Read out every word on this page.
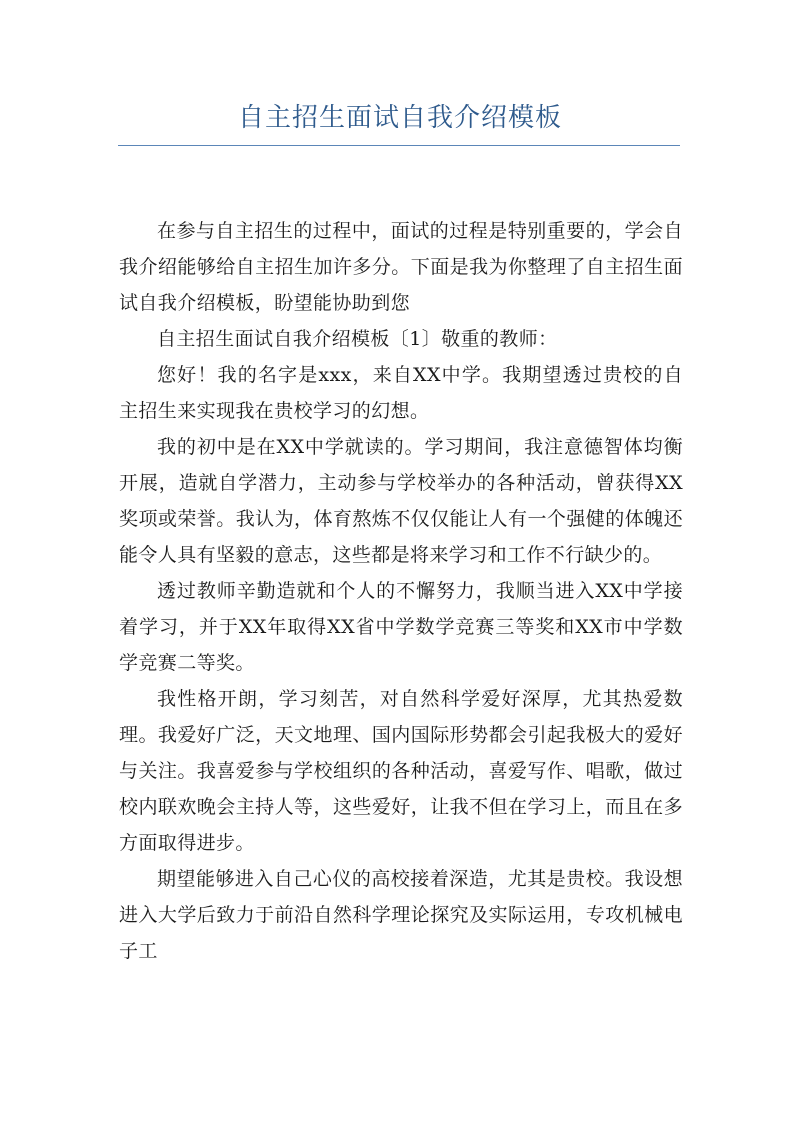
自主招生面试自我介绍模板

在参与自主招生的过程中，面试的过程是特别重要的，学会自我介绍能够给自主招生加许多分。下面是我为你整理了自主招生面试自我介绍模板，盼望能协助到您

自主招生面试自我介绍模板〔1〕敬重的教师：

您好！我的名字是xxx，来自XX中学。我期望透过贵校的自主招生来实现我在贵校学习的幻想。

我的初中是在XX中学就读的。学习期间，我注意德智体均衡开展，造就自学潜力，主动参与学校举办的各种活动，曾获得XX奖项或荣誉。我认为，体育熬炼不仅仅能让人有一个强健的体魄还能令人具有坚毅的意志，这些都是将来学习和工作不行缺少的。

透过教师辛勤造就和个人的不懈努力，我顺当进入XX中学接着学习，并于XX年取得XX省中学数学竞赛三等奖和XX市中学数学竞赛二等奖。

我性格开朗，学习刻苦，对自然科学爱好深厚，尤其热爱数理。我爱好广泛，天文地理、国内国际形势都会引起我极大的爱好与关注。我喜爱参与学校组织的各种活动，喜爱写作、唱歌，做过校内联欢晚会主持人等，这些爱好，让我不但在学习上，而且在多方面取得进步。

期望能够进入自己心仪的高校接着深造，尤其是贵校。我设想进入大学后致力于前沿自然科学理论探究及实际运用，专攻机械电子工
